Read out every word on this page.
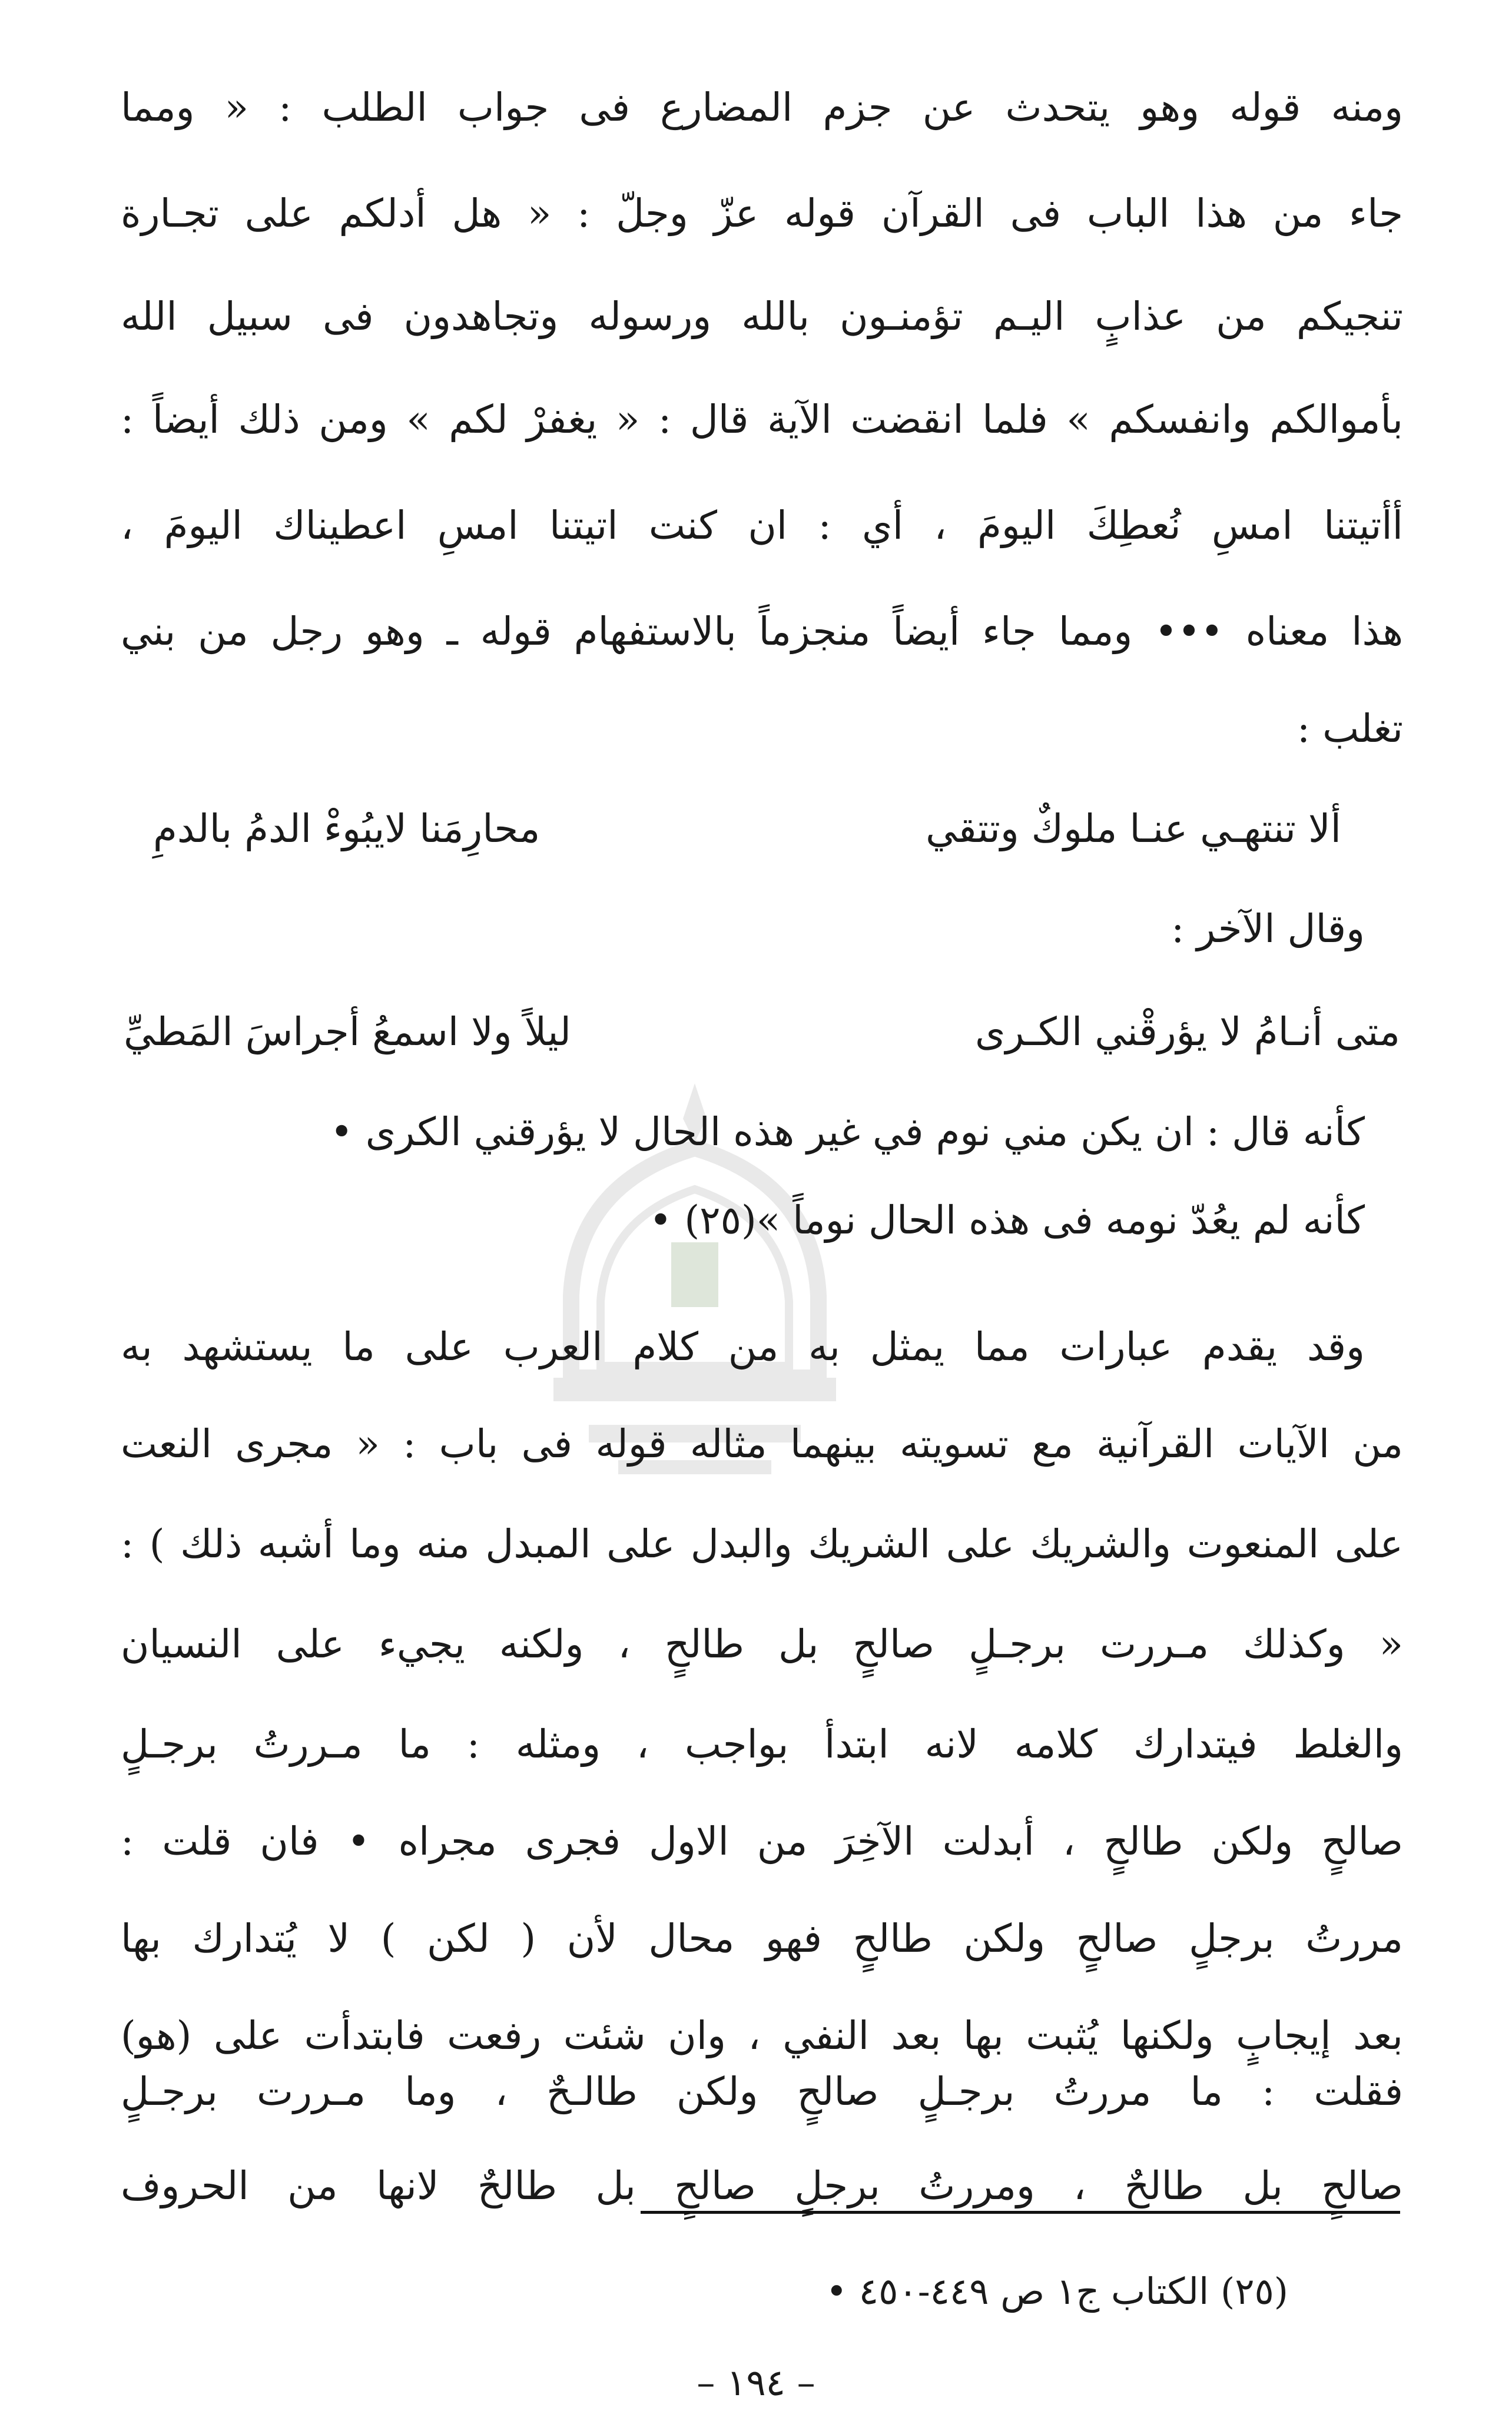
ومنه قوله وهو يتحدث عن جزم المضارع فى جواب الطلب : « ومما
جاء من هذا الباب فى القرآن قوله عزّ وجلّ : « هل أدلكم على تجـارة
تنجيكم من عذابٍ اليـم تؤمنـون بالله ورسوله وتجاهدون فى سبيل الله
بأموالكم وانفسكم » فلما انقضت الآية قال : « يغفرْ لكم » ومن ذلك أيضاً :
أأتيتنا امسِ نُعطِكَ اليومَ ، أي : ان كنت اتيتنا امسِ اعطيناك اليومَ ،
هذا معناه ••• ومما جاء أيضاً منجزماً بالاستفهام قوله ـ وهو رجل من بني
تغلب :
ألا تنتهـي عنـا ملوكٌ وتتقي
محارِمَنا لايبُوءْ الدمُ بالدمِ
وقال الآخر :
متى أنـامُ لا يؤرقْني الكـرى
ليلاً ولا اسمعُ أجراسَ المَطيِّ
كأنه قال : ان يكن مني نوم في غير هذه الحال لا يؤرقني الكرى •
كأنه لم يعُدّ نومه فى هذه الحال نوماً »(٢٥) •
وقد يقدم عبارات مما يمثل به من كلام العرب على ما يستشهد به
من الآيات القرآنية مع تسويته بينهما مثاله قوله فى باب : « مجرى النعت
على المنعوت والشريك على الشريك والبدل على المبدل منه وما أشبه ذلك ) :
« وكذلك مـررت برجـلٍ صالحٍ بل طالحٍ ، ولكنه يجيء على النسيان
والغلط فيتدارك كلامه لانه ابتدأ بواجب ، ومثله : ما مـررتُ برجـلٍ
صالحٍ ولكن طالحٍ ، أبدلت الآخِرَ من الاول فجرى مجراه • فان قلت :
مررتُ برجلٍ صالحٍ ولكن طالحٍ فهو محال لأن ( لكن ) لا يُتدارك بها
بعد إيجابٍ ولكنها يُثبت بها بعد النفي ، وان شئت رفعت فابتدأت على (هو)
فقلت : ما مررتُ برجـلٍ صالحٍ ولكن طالـحٌ ، وما مـررت برجـلٍ
صالحٍ بل طالحٌ ، ومررتُ برجلٍ صالحٍ بل طالحٌ لانها من الحروف
(٢٥) الكتاب ج١ ص ٤٤٩-٤٥٠ •
– ١٩٤ –
